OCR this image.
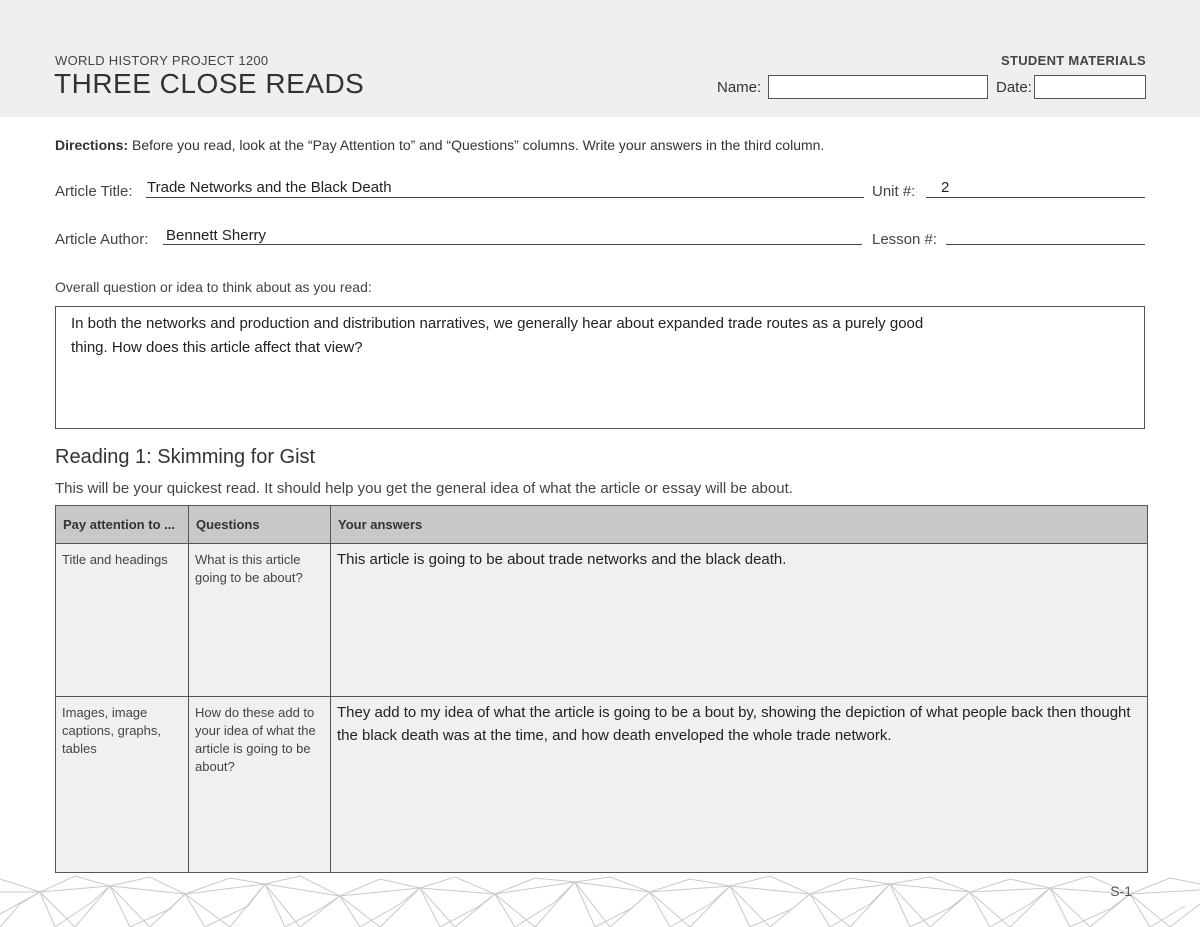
WORLD HISTORY PROJECT 1200
THREE CLOSE READS
STUDENT MATERIALS
Name:	Date:
Directions: Before you read, look at the “Pay Attention to” and “Questions” columns. Write your answers in the third column.
Article Title: Trade Networks and the Black Death	Unit #: 2
Article Author: Bennett Sherry	Lesson #:
Overall question or idea to think about as you read:
In both the networks and production and distribution narratives, we generally hear about expanded trade routes as a purely good thing. How does this article affect that view?
Reading 1: Skimming for Gist
This will be your quickest read. It should help you get the general idea of what the article or essay will be about.
Pay attention to ...	Questions	Your answers
Title and headings	What is this article going to be about?	This article is going to be about trade networks and the black death.
Images, image captions, graphs, tables	How do these add to your idea of what the article is going to be about?	They add to my idea of what the article is going to be a bout by, showing the depiction of what people back then thought the black death was at the time, and how death enveloped the whole trade network.
S-1
